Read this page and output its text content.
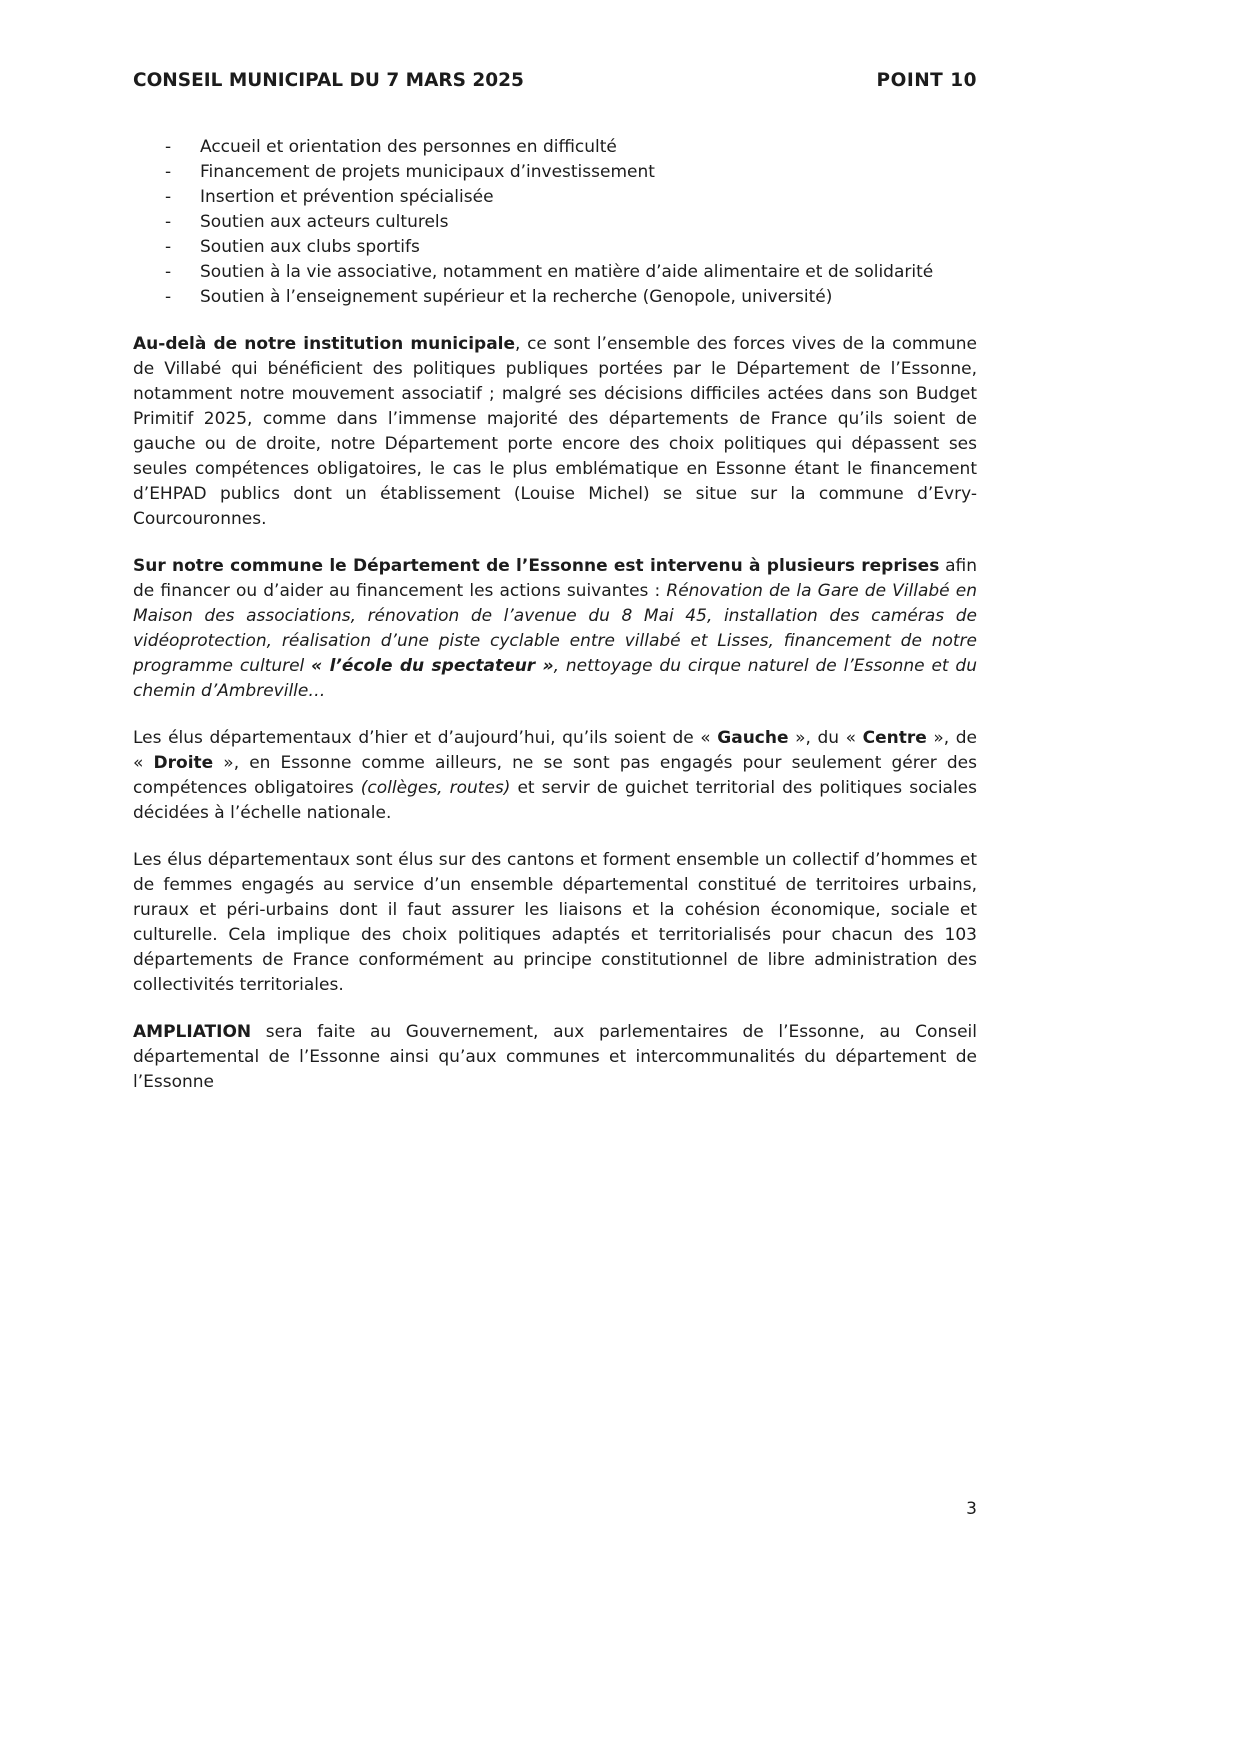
CONSEIL MUNICIPAL DU 7 MARS 2025	POINT 10
-	Accueil et orientation des personnes en difficulté
-	Financement de projets municipaux d’investissement
-	Insertion et prévention spécialisée
-	Soutien aux acteurs culturels
-	Soutien aux clubs sportifs
-	Soutien à la vie associative, notamment en matière d’aide alimentaire et de solidarité
-	Soutien à l’enseignement supérieur et la recherche (Genopole, université)

Au-delà de notre institution municipale, ce sont l’ensemble des forces vives de la commune de Villabé qui bénéficient des politiques publiques portées par le Département de l’Essonne, notamment notre mouvement associatif ; malgré ses décisions difficiles actées dans son Budget Primitif 2025, comme dans l’immense majorité des départements de France qu’ils soient de gauche ou de droite, notre Département porte encore des choix politiques qui dépassent ses seules compétences obligatoires, le cas le plus emblématique en Essonne étant le financement d’EHPAD publics dont un établissement (Louise Michel) se situe sur la commune d’Evry-Courcouronnes.

Sur notre commune le Département de l’Essonne est intervenu à plusieurs reprises afin de financer ou d’aider au financement les actions suivantes : Rénovation de la Gare de Villabé en Maison des associations, rénovation de l’avenue du 8 Mai 45, installation des caméras de vidéoprotection, réalisation d’une piste cyclable entre villabé et Lisses, financement de notre programme culturel « l’école du spectateur », nettoyage du cirque naturel de l’Essonne et du chemin d’Ambreville…

Les élus départementaux d’hier et d’aujourd’hui, qu’ils soient de « Gauche », du « Centre », de « Droite », en Essonne comme ailleurs, ne se sont pas engagés pour seulement gérer des compétences obligatoires (collèges, routes) et servir de guichet territorial des politiques sociales décidées à l’échelle nationale.

Les élus départementaux sont élus sur des cantons et forment ensemble un collectif d’hommes et de femmes engagés au service d’un ensemble départemental constitué de territoires urbains, ruraux et péri-urbains dont il faut assurer les liaisons et la cohésion économique, sociale et culturelle. Cela implique des choix politiques adaptés et territorialisés pour chacun des 103 départements de France conformément au principe constitutionnel de libre administration des collectivités territoriales.

AMPLIATION sera faite au Gouvernement, aux parlementaires de l’Essonne, au Conseil départemental de l’Essonne ainsi qu’aux communes et intercommunalités du département de l’Essonne

3
